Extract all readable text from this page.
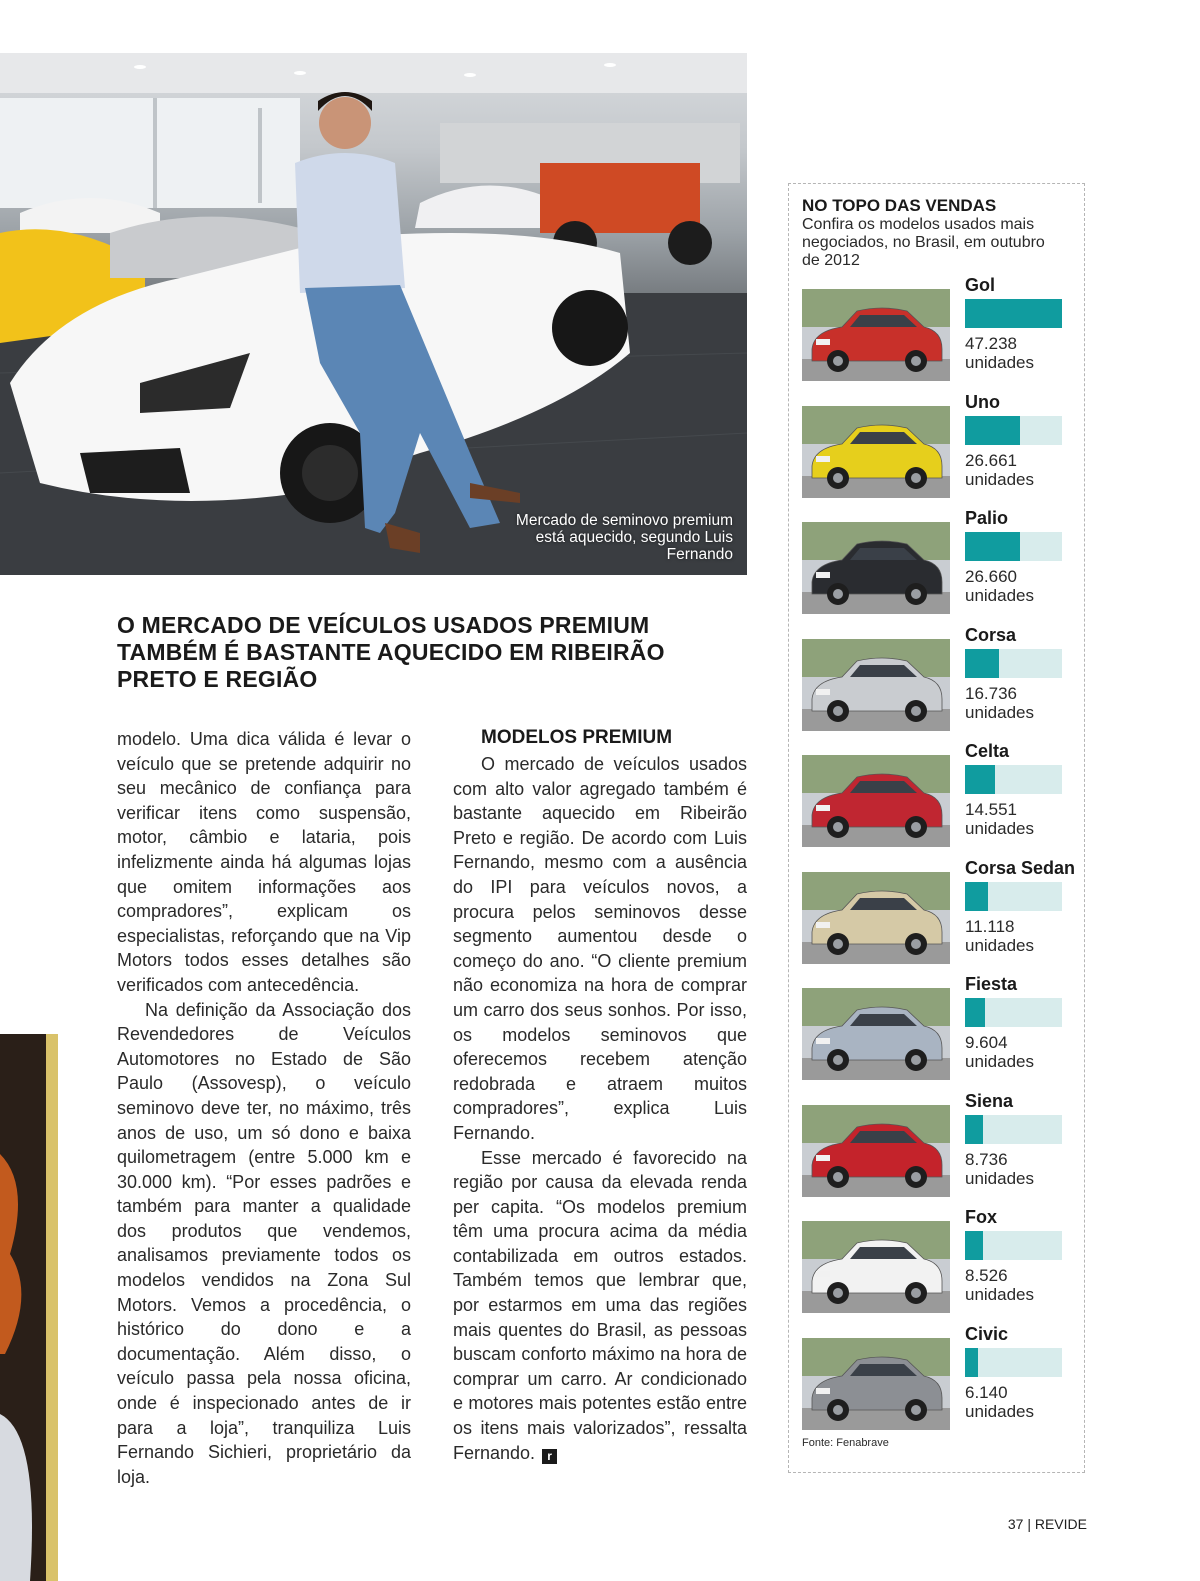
Mercado de seminovo premium está aquecido, segundo Luis Fernando
O MERCADO DE VEÍCULOS USADOS PREMIUM TAMBÉM É BASTANTE AQUECIDO EM RIBEIRÃO PRETO E REGIÃO

modelo. Uma dica válida é levar o veículo que se pretende adquirir no seu mecânico de confiança para verificar itens como suspensão, motor, câmbio e lataria, pois infelizmente ainda há algumas lojas que omitem informações aos compradores”, explicam os especialistas, reforçando que na Vip Motors todos esses detalhes são verificados com antecedência.

Na definição da Associação dos Revendedores de Veículos Automotores no Estado de São Paulo (Assovesp), o veículo seminovo deve ter, no máximo, três anos de uso, um só dono e baixa quilometragem (entre 5.000 km e 30.000 km). “Por esses padrões e também para manter a qualidade dos produtos que vendemos, analisamos previamente todos os modelos vendidos na Zona Sul Motors. Vemos a procedência, o histórico do dono e a documentação. Além disso, o veículo passa pela nossa oficina, onde é inspecionado antes de ir para a loja”, tranquiliza Luis Fernando Sichieri, proprietário da loja.

MODELOS PREMIUM

O mercado de veículos usados com alto valor agregado também é bastante aquecido em Ribeirão Preto e região. De acordo com Luis Fernando, mesmo com a ausência do IPI para veículos novos, a procura pelos seminovos desse segmento aumentou desde o começo do ano. “O cliente premium não economiza na hora de comprar um carro dos seus sonhos. Por isso, os modelos seminovos que oferecemos recebem atenção redobrada e atraem muitos compradores”, explica Luis Fernando.

Esse mercado é favorecido na região por causa da elevada renda per capita. “Os modelos premium têm uma procura acima da média contabilizada em outros estados. Também temos que lembrar que, por estarmos em uma das regiões mais quentes do Brasil, as pessoas buscam conforto máximo na hora de comprar um carro. Ar condicionado e motores mais potentes estão entre os itens mais valorizados”, ressalta Fernando. r

NO TOPO DAS VENDAS
Confira os modelos usados mais negociados, no Brasil, em outubro de 2012
Gol
47.238
unidades
Uno
26.661
unidades
Palio
26.660
unidades
Corsa
16.736
unidades
Celta
14.551
unidades
Corsa Sedan
11.118
unidades
Fiesta
9.604
unidades
Siena
8.736
unidades
Fox
8.526
unidades
Civic
6.140
unidades
Fonte: Fenabrave
37 | REVIDE
